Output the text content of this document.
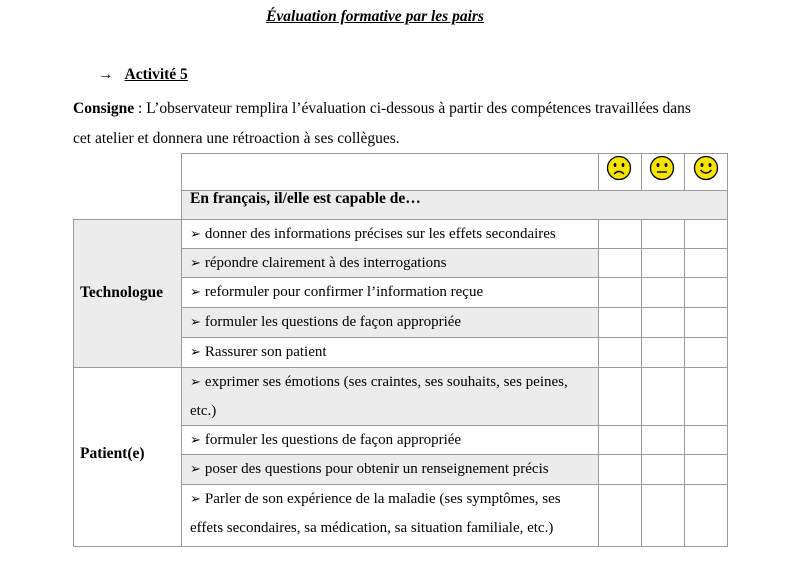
Évaluation formative par les pairs
→ Activité 5
Consigne : L’observateur remplira l’évaluation ci-dessous à partir des compétences travaillées dans cet atelier et donnera une rétroaction à ses collègues.
En français, il/elle est capable de…
Technologue
Patient(e)
➢ donner des informations précises sur les effets secondaires
➢ répondre clairement à des interrogations
➢ reformuler pour confirmer l’information reçue
➢ formuler les questions de façon appropriée
➢ Rassurer son patient
➢ exprimer ses émotions (ses craintes, ses souhaits, ses peines, etc.)
➢ formuler les questions de façon appropriée
➢ poser des questions pour obtenir un renseignement précis
➢ Parler de son expérience de la maladie (ses symptômes, ses effets secondaires, sa médication, sa situation familiale, etc.)
